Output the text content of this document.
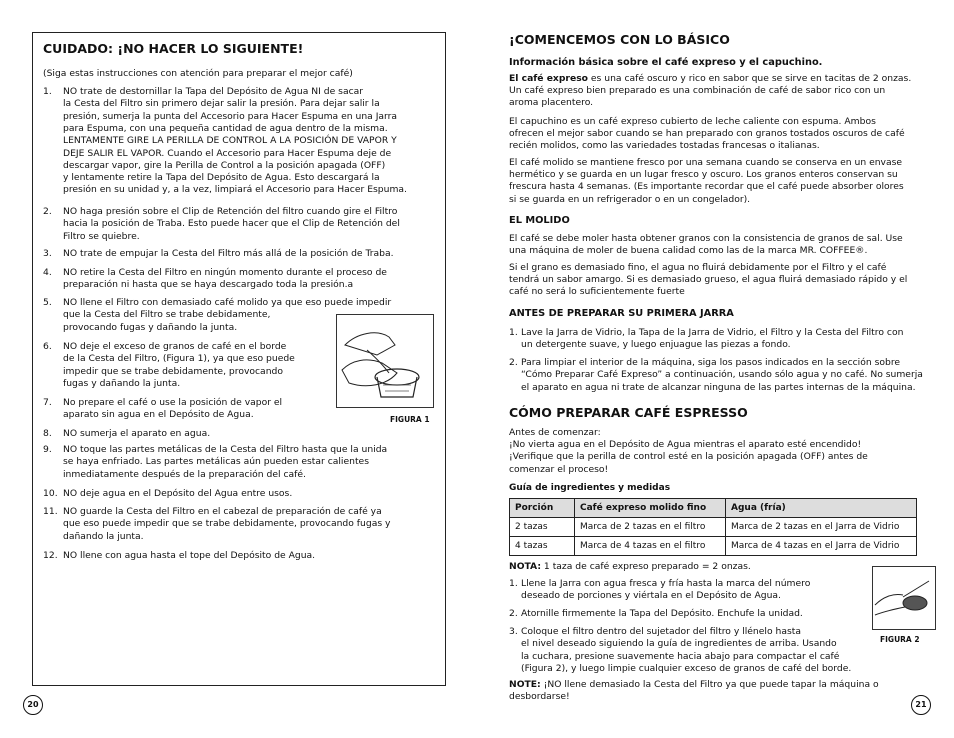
CUIDADO: ¡NO HACER LO SIGUIENTE!
(Siga estas instrucciones con atención para preparar el mejor café)
1. NO trate de destornillar la Tapa del Depósito de Agua NI de sacar
la Cesta del Filtro sin primero dejar salir la presión. Para dejar salir la
presión, sumerja la punta del Accesorio para Hacer Espuma en una Jarra
para Espuma, con una pequeña cantidad de agua dentro de la misma.
LENTAMENTE GIRE LA PERILLA DE CONTROL A LA POSICIÓN DE VAPOR Y
DEJE SALIR EL VAPOR. Cuando el Accesorio para Hacer Espuma deje de
descargar vapor, gire la Perilla de Control a la posición apagada (OFF)
y lentamente retire la Tapa del Depósito de Agua. Esto descargará la
presión en su unidad y, a la vez, limpiará el Accesorio para Hacer Espuma.
2. NO haga presión sobre el Clip de Retención del filtro cuando gire el Filtro
hacia la posición de Traba. Esto puede hacer que el Clip de Retención del
Filtro se quiebre.
3. NO trate de empujar la Cesta del Filtro más allá de la posición de Traba.
4. NO retire la Cesta del Filtro en ningún momento durante el proceso de
preparación ni hasta que se haya descargado toda la presión.a
5. NO llene el Filtro con demasiado café molido ya que eso puede impedir
que la Cesta del Filtro se trabe debidamente,
provocando fugas y dañando la junta.
6. NO deje el exceso de granos de café en el borde
de la Cesta del Filtro, (Figura 1), ya que eso puede
impedir que se trabe debidamente, provocando
fugas y dañando la junta.
7. No prepare el café o use la posición de vapor el
aparato sin agua en el Depósito de Agua.
8. NO sumerja el aparato en agua.
9. NO toque las partes metálicas de la Cesta del Filtro hasta que la unida
se haya enfriado. Las partes metálicas aún pueden estar calientes
inmediatamente después de la preparación del café.
10. NO deje agua en el Depósito del Agua entre usos.
11. NO guarde la Cesta del Filtro en el cabezal de preparación de café ya
que eso puede impedir que se trabe debidamente, provocando fugas y
dañando la junta.
12. NO llene con agua hasta el tope del Depósito de Agua.
FIGURA 1
20
¡COMENCEMOS CON LO BÁSICO
Información básica sobre el café expreso y el capuchino.
El café expreso es una café oscuro y rico en sabor que se sirve en tacitas de 2 onzas.
Un café expreso bien preparado es una combinación de café de sabor rico con un
aroma placentero.
El capuchino es un café expreso cubierto de leche caliente con espuma. Ambos
ofrecen el mejor sabor cuando se han preparado con granos tostados oscuros de café
recién molidos, como las variedades tostadas francesas o italianas.
El café molido se mantiene fresco por una semana cuando se conserva en un envase
hermético y se guarda en un lugar fresco y oscuro. Los granos enteros conservan su
frescura hasta 4 semanas. (Es importante recordar que el café puede absorber olores
si se guarda en un refrigerador o en un congelador).
EL MOLIDO
El café se debe moler hasta obtener granos con la consistencia de granos de sal. Use
una máquina de moler de buena calidad como las de la marca MR. COFFEE®.
Si el grano es demasiado fino, el agua no fluirá debidamente por el Filtro y el café
tendrá un sabor amargo. Si es demasiado grueso, el agua fluirá demasiado rápido y el
café no será lo suficientemente fuerte
ANTES DE PREPARAR SU PRIMERA JARRA
1. Lave la Jarra de Vidrio, la Tapa de la Jarra de Vidrio, el Filtro y la Cesta del Filtro con
un detergente suave, y luego enjuague las piezas a fondo.
2. Para limpiar el interior de la máquina, siga los pasos indicados en la sección sobre
“Cómo Preparar Café Expreso” a continuación, usando sólo agua y no café. No sumerja
el aparato en agua ni trate de alcanzar ninguna de las partes internas de la máquina.
CÓMO PREPARAR CAFÉ ESPRESSO
Antes de comenzar:
¡No vierta agua en el Depósito de Agua mientras el aparato esté encendido!
¡Verifique que la perilla de control esté en la posición apagada (OFF) antes de
comenzar el proceso!
Guía de ingredientes y medidas
Porción	Café expreso molido fino	Agua (fría)
2 tazas	Marca de 2 tazas en el filtro	Marca de 2 tazas en el Jarra de Vidrio
4 tazas	Marca de 4 tazas en el filtro	Marca de 4 tazas en el Jarra de Vidrio
NOTA: 1 taza de café expreso preparado = 2 onzas.
1. Llene la Jarra con agua fresca y fría hasta la marca del número
deseado de porciones y viértala en el Depósito de Agua.
2. Atornille firmemente la Tapa del Depósito. Enchufe la unidad.
3. Coloque el filtro dentro del sujetador del filtro y llénelo hasta
el nivel deseado siguiendo la guía de ingredientes de arriba. Usando
la cuchara, presione suavemente hacia abajo para compactar el café
(Figura 2), y luego limpie cualquier exceso de granos de café del borde.
FIGURA 2
NOTE: ¡NO llene demasiado la Cesta del Filtro ya que puede tapar la máquina o
desbordarse!
21
